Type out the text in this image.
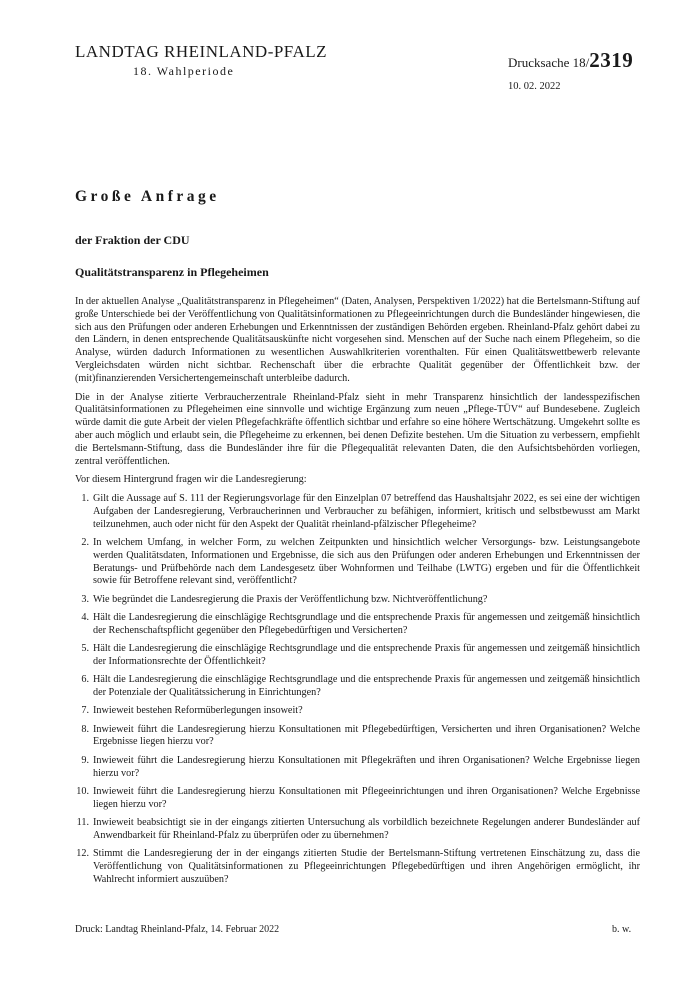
LANDTAG RHEINLAND-PFALZ
18. Wahlperiode
Drucksache 18/2319
10. 02. 2022
Große Anfrage
der Fraktion der CDU
Qualitätstransparenz in Pflegeheimen

In der aktuellen Analyse „Qualitätstransparenz in Pflegeheimen“ (Daten, Analysen, Perspektiven 1/2022) hat die Bertelsmann-Stiftung auf große Unterschiede bei der Veröffentlichung von Qualitätsinformationen zu Pflegeeinrichtungen durch die Bundesländer hingewiesen, die sich aus den Prüfungen oder anderen Erhebungen und Erkenntnissen der zuständigen Behörden ergeben. Rheinland-Pfalz gehört dabei zu den Ländern, in denen entsprechende Qualitätsauskünfte nicht vorgesehen sind. Menschen auf der Suche nach einem Pflegeheim, so die Analyse, würden dadurch Informationen zu wesentlichen Auswahlkriterien vorenthalten. Für einen Qualitätswettbewerb relevante Vergleichsdaten würden nicht sichtbar. Rechenschaft über die erbrachte Qualität gegenüber der Öffentlichkeit bzw. der (mit)finanzierenden Versichertengemeinschaft unterbleibe dadurch.

Die in der Analyse zitierte Verbraucherzentrale Rheinland-Pfalz sieht in mehr Transparenz hinsichtlich der landesspezifischen Qualitätsinformationen zu Pflegeheimen eine sinnvolle und wichtige Ergänzung zum neuen „Pflege-TÜV“ auf Bundesebene. Zugleich würde damit die gute Arbeit der vielen Pflegefachkräfte öffentlich sichtbar und erfahre so eine höhere Wertschätzung. Umgekehrt sollte es aber auch möglich und erlaubt sein, die Pflegeheime zu erkennen, bei denen Defizite bestehen. Um die Situation zu verbessern, empfiehlt die Bertelsmann-Stiftung, dass die Bundesländer ihre für die Pflegequalität relevanten Daten, die den Aufsichtsbehörden vorliegen, zentral veröffentlichen.

Vor diesem Hintergrund fragen wir die Landesregierung:

1. Gilt die Aussage auf S. 111 der Regierungsvorlage für den Einzelplan 07 betreffend das Haushaltsjahr 2022, es sei eine der wichtigen Aufgaben der Landesregierung, Verbraucherinnen und Verbraucher zu befähigen, informiert, kritisch und selbstbewusst am Markt teilzunehmen, auch oder nicht für den Aspekt der Qualität rheinland-pfälzischer Pflegeheime?
2. In welchem Umfang, in welcher Form, zu welchen Zeitpunkten und hinsichtlich welcher Versorgungs- bzw. Leistungsangebote werden Qualitätsdaten, Informationen und Ergebnisse, die sich aus den Prüfungen oder anderen Erhebungen und Erkenntnissen der Beratungs- und Prüfbehörde nach dem Landesgesetz über Wohnformen und Teilhabe (LWTG) ergeben und für die Öffentlichkeit sowie für Betroffene relevant sind, veröffentlicht?
3. Wie begründet die Landesregierung die Praxis der Veröffentlichung bzw. Nichtveröffentlichung?
4. Hält die Landesregierung die einschlägige Rechtsgrundlage und die entsprechende Praxis für angemessen und zeitgemäß hinsichtlich der Rechenschaftspflicht gegenüber den Pflegebedürftigen und Versicherten?
5. Hält die Landesregierung die einschlägige Rechtsgrundlage und die entsprechende Praxis für angemessen und zeitgemäß hinsichtlich der Informationsrechte der Öffentlichkeit?
6. Hält die Landesregierung die einschlägige Rechtsgrundlage und die entsprechende Praxis für angemessen und zeitgemäß hinsichtlich der Potenziale der Qualitätssicherung in Einrichtungen?
7. Inwieweit bestehen Reformüberlegungen insoweit?
8. Inwieweit führt die Landesregierung hierzu Konsultationen mit Pflegebedürftigen, Versicherten und ihren Organisationen? Welche Ergebnisse liegen hierzu vor?
9. Inwieweit führt die Landesregierung hierzu Konsultationen mit Pflegekräften und ihren Organisationen? Welche Ergebnisse liegen hierzu vor?
10. Inwieweit führt die Landesregierung hierzu Konsultationen mit Pflegeeinrichtungen und ihren Organisationen? Welche Ergebnisse liegen hierzu vor?
11. Inwieweit beabsichtigt sie in der eingangs zitierten Untersuchung als vorbildlich bezeichnete Regelungen anderer Bundesländer auf Anwendbarkeit für Rheinland-Pfalz zu überprüfen oder zu übernehmen?
12. Stimmt die Landesregierung der in der eingangs zitierten Studie der Bertelsmann-Stiftung vertretenen Einschätzung zu, dass die Veröffentlichung von Qualitätsinformationen zu Pflegeeinrichtungen Pflegebedürftigen und ihren Angehörigen ermöglicht, ihr Wahlrecht informiert auszuüben?
Druck: Landtag Rheinland-Pfalz, 14. Februar 2022	b. w.
